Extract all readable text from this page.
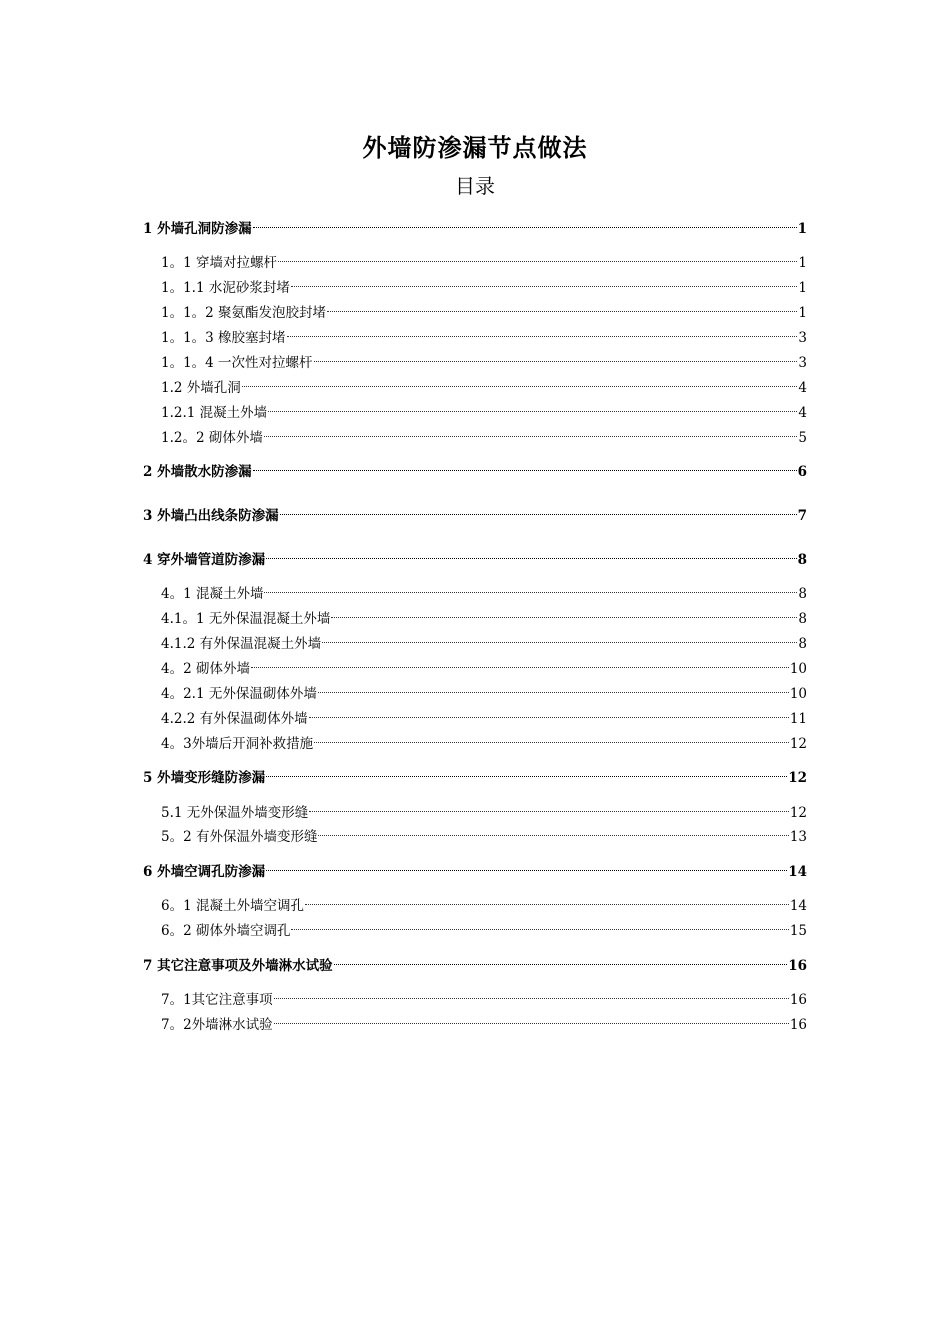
外墙防渗漏节点做法
目录
1 外墙孔洞防渗漏	1
1。1 穿墙对拉螺杆	1
1。1.1 水泥砂浆封堵	1
1。1。2 聚氨酯发泡胶封堵	1
1。1。3 橡胶塞封堵	3
1。1。4 一次性对拉螺杆	3
1.2 外墙孔洞	4
1.2.1 混凝土外墙	4
1.2。2 砌体外墙	5
2 外墙散水防渗漏	6
3 外墙凸出线条防渗漏	7
4 穿外墙管道防渗漏	8
4。1 混凝土外墙	8
4.1。1 无外保温混凝土外墙	8
4.1.2 有外保温混凝土外墙	8
4。2 砌体外墙	10
4。2.1 无外保温砌体外墙	10
4.2.2 有外保温砌体外墙	11
4。3外墙后开洞补救措施	12
5 外墙变形缝防渗漏	12
5.1 无外保温外墙变形缝	12
5。2 有外保温外墙变形缝	13
6 外墙空调孔防渗漏	14
6。1 混凝土外墙空调孔	14
6。2 砌体外墙空调孔	15
7 其它注意事项及外墙淋水试验	16
7。1其它注意事项	16
7。2外墙淋水试验	16
